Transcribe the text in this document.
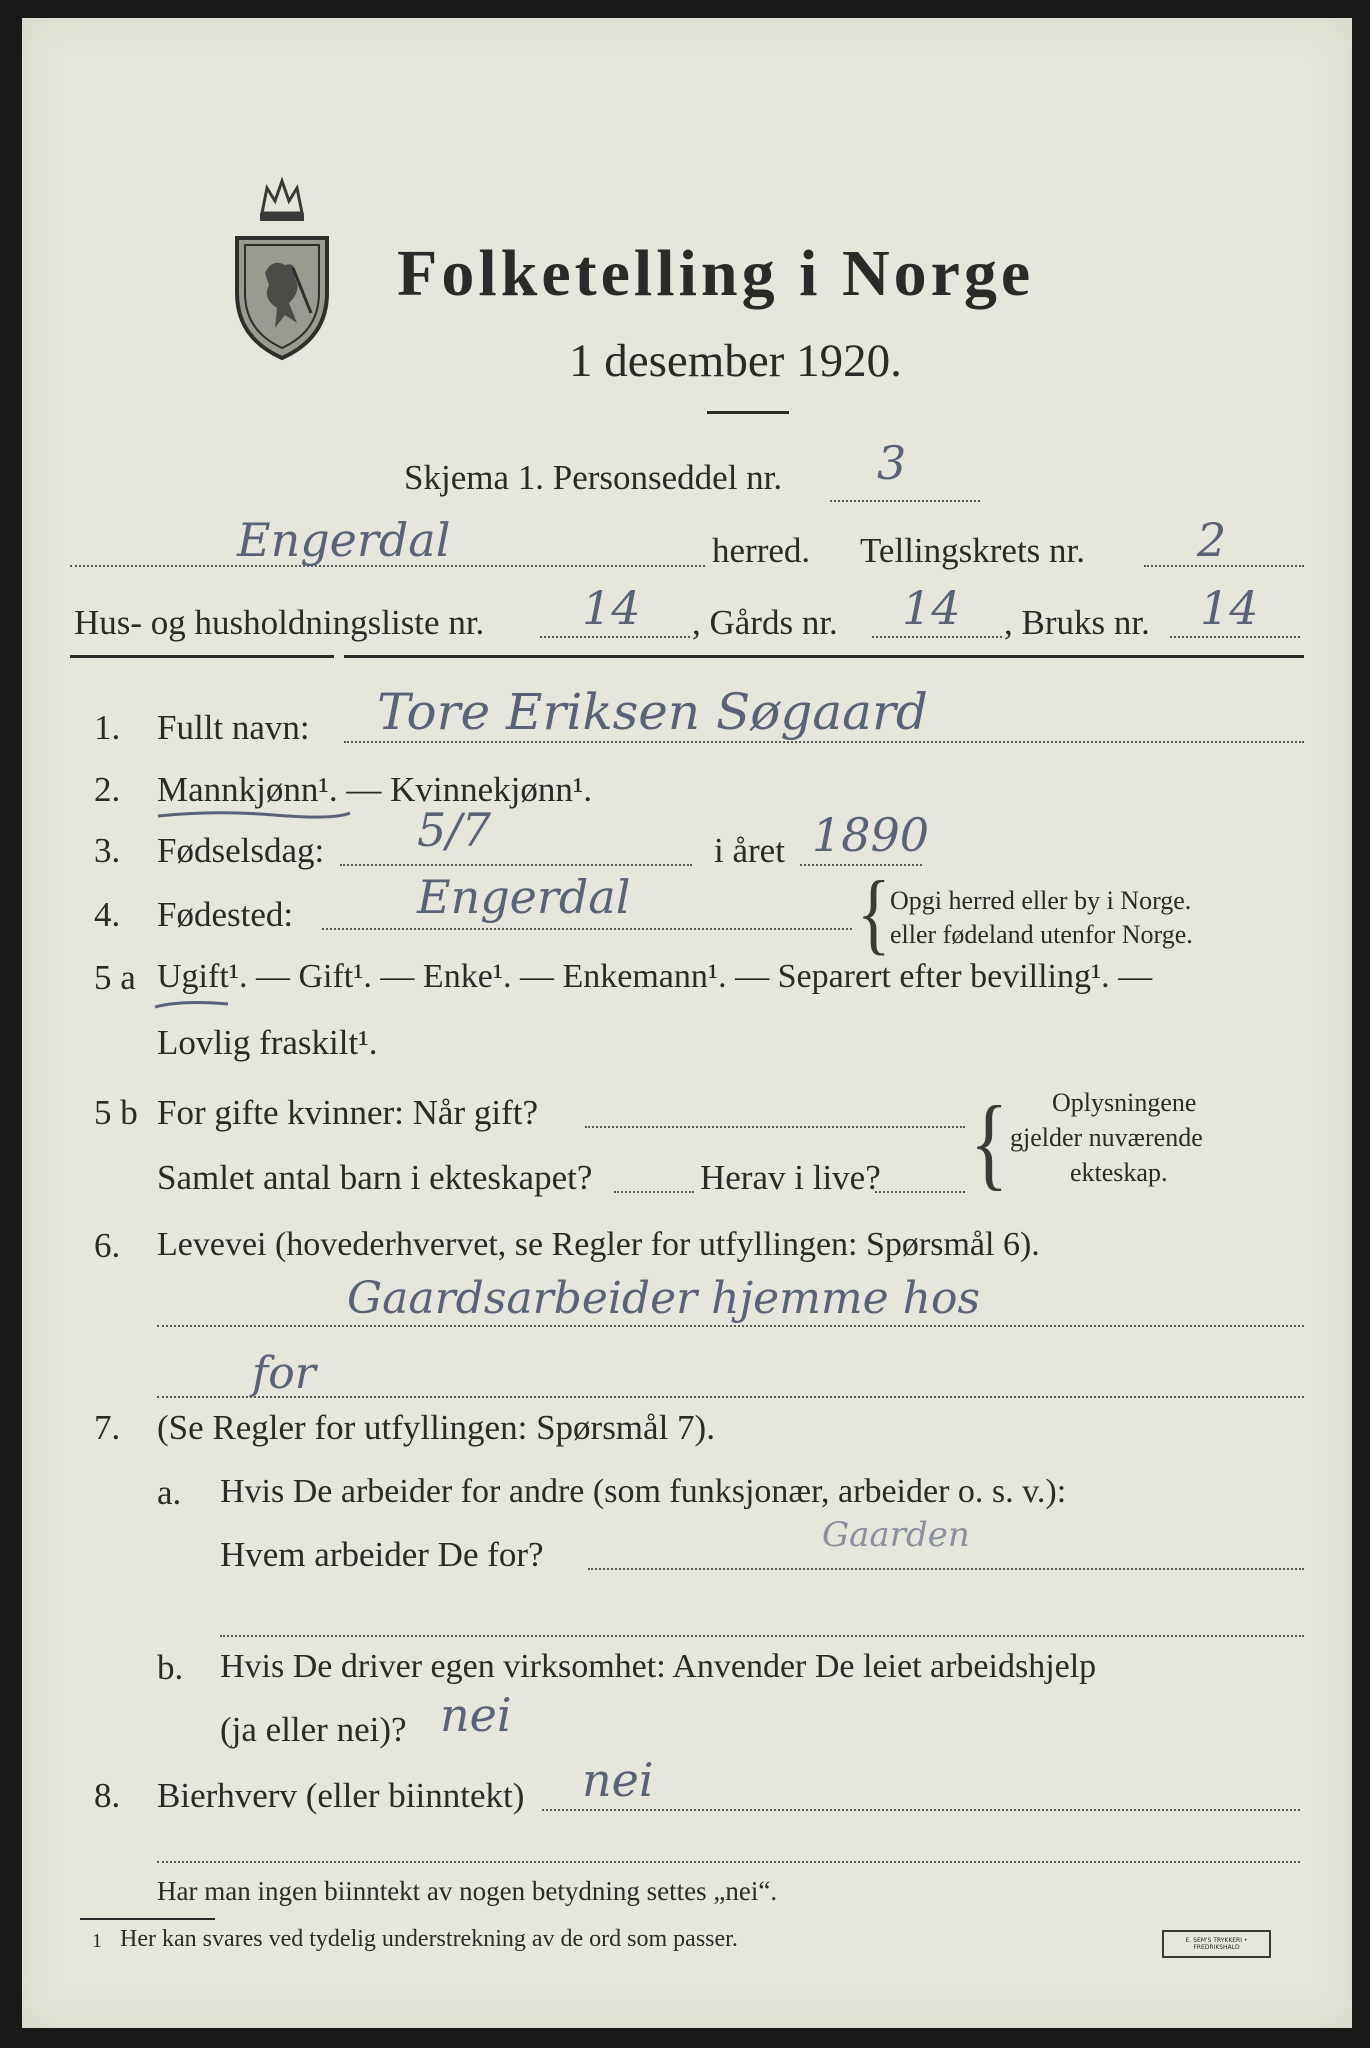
Folketelling i Norge
1 desember 1920.
Skjema 1. Personseddel nr. 3
Engerdal	herred. Tellingskrets nr. 2
Hus- og husholdningsliste nr. 14 , Gårds nr. 14 , Bruks nr. 14
1. Fullt navn: Tore Eriksen Søgaard
2. Mannkjønn¹. — Kvinnekjønn¹.
3. Fødselsdag: 5/7	i året 1890
4. Fødested:	Engerdal	{ Opgi herred eller by i Norge.
eller fødeland utenfor Norge.
5 a Ugift¹. — Gift¹. — Enke¹. — Enkemann¹. — Separert efter bevilling¹. —
Lovlig fraskilt¹.
5 b For gifte kvinner: Når gift?
Samlet antal barn i ekteskapet?	Herav i live? { Oplysningene
gjelder nuværende
ekteskap.
6. Levevei (hovederhvervet, se Regler for utfyllingen: Spørsmål 6).
Gaardsarbeider hjemme hos
for
7. (Se Regler for utfyllingen: Spørsmål 7).
a. Hvis De arbeider for andre (som funksjonær, arbeider o. s. v.):
Hvem arbeider De for?	Gaarden
b. Hvis De driver egen virksomhet: Anvender De leiet arbeidshjelp
(ja eller nei)? nei
8. Bierhverv (eller biinntekt) nei
Har man ingen biinntekt av nogen betydning settes „nei“.
1 Her kan svares ved tydelig understrekning av de ord som passer.	E. SEM'S TRYKKERI • FREDRIKSHALD
